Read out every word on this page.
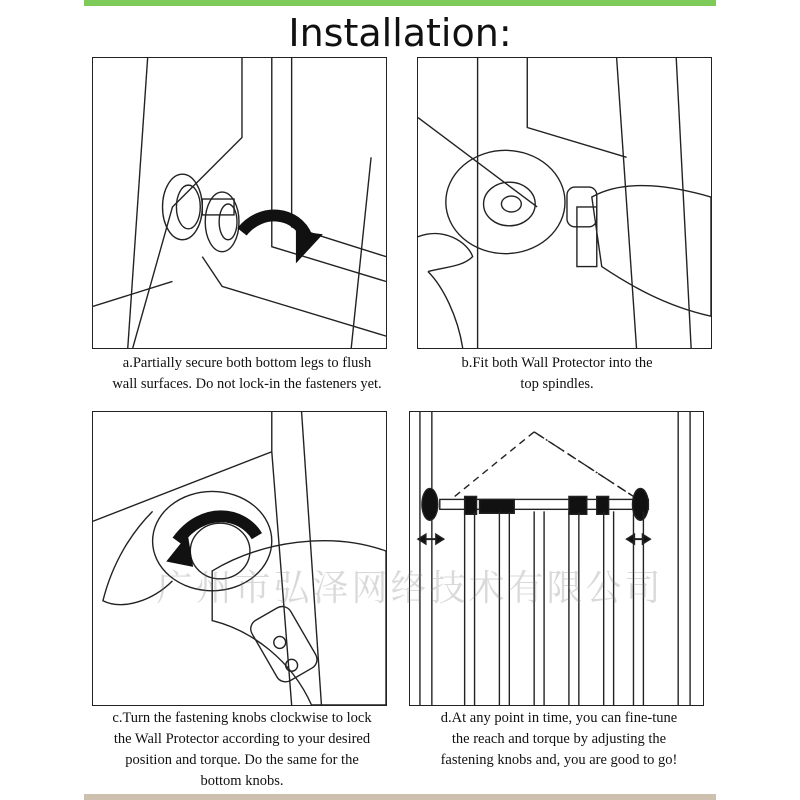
Installation:
a.Partially secure both bottom legs to flush
wall surfaces. Do not lock-in the fasteners yet.
b.Fit both Wall Protector into the
top spindles.
c.Turn the fastening knobs clockwise to lock
the Wall Protector according to your desired
position and torque. Do the same for the
bottom knobs.
d.At any point in time, you can fine-tune
the reach and torque by adjusting the
fastening knobs and, you are good to go!
广州市弘泽网络技术有限公司
